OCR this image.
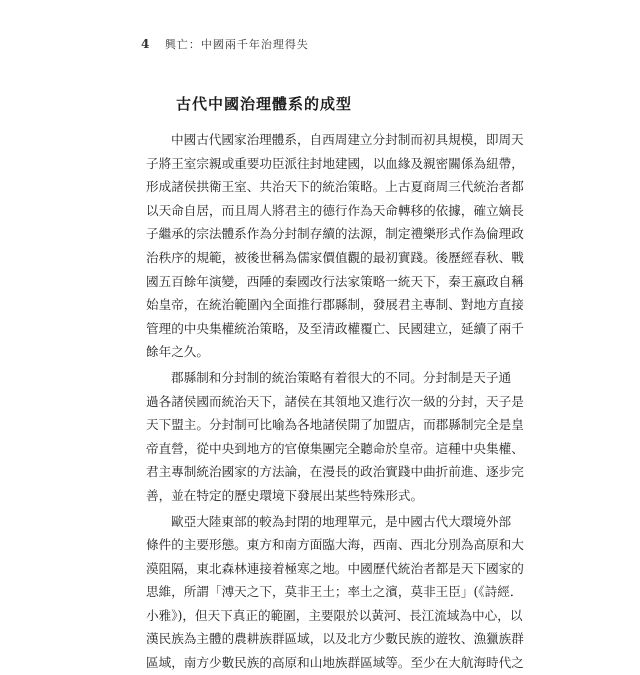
4 興亡：中國兩千年治理得失
古代中國治理體系的成型
中國古代國家治理體系，自西周建立分封制而初具規模，即周天
子將王室宗親或重要功臣派往封地建國，以血緣及親密關係為紐帶，
形成諸侯拱衛王室、共治天下的統治策略。上古夏商周三代統治者都
以天命自居，而且周人將君主的德行作為天命轉移的依據，確立嫡長
子繼承的宗法體系作為分封制存續的法源，制定禮樂形式作為倫理政
治秩序的規範，被後世稱為儒家價值觀的最初實踐。後歷經春秋、戰
國五百餘年演變，西陲的秦國改行法家策略一統天下，秦王嬴政自稱
始皇帝，在統治範圍內全面推行郡縣制，發展君主專制、對地方直接
管理的中央集權統治策略，及至清政權覆亡、民國建立，延續了兩千
餘年之久。
郡縣制和分封制的統治策略有着很大的不同。分封制是天子通
過各諸侯國而統治天下，諸侯在其領地又進行次一級的分封，天子是
天下盟主。分封制可比喻為各地諸侯開了加盟店，而郡縣制完全是皇
帝直營，從中央到地方的官僚集團完全聽命於皇帝。這種中央集權、
君主專制統治國家的方法論，在漫長的政治實踐中曲折前進、逐步完
善，並在特定的歷史環境下發展出某些特殊形式。
歐亞大陸東部的較為封閉的地理單元，是中國古代大環境外部
條件的主要形態。東方和南方面臨大海，西南、西北分別為高原和大
漠阻隔，東北森林連接着極寒之地。中國歷代統治者都是天下國家的
思維，所謂「溥天之下，莫非王土；率土之濱，莫非王臣」(《詩經．
小雅》)，但天下真正的範圍，主要限於以黃河、長江流域為中心，以
漢民族為主體的農耕族群區域，以及北方少數民族的遊牧、漁獵族群
區域，南方少數民族的高原和山地族群區域等。至少在大航海時代之
